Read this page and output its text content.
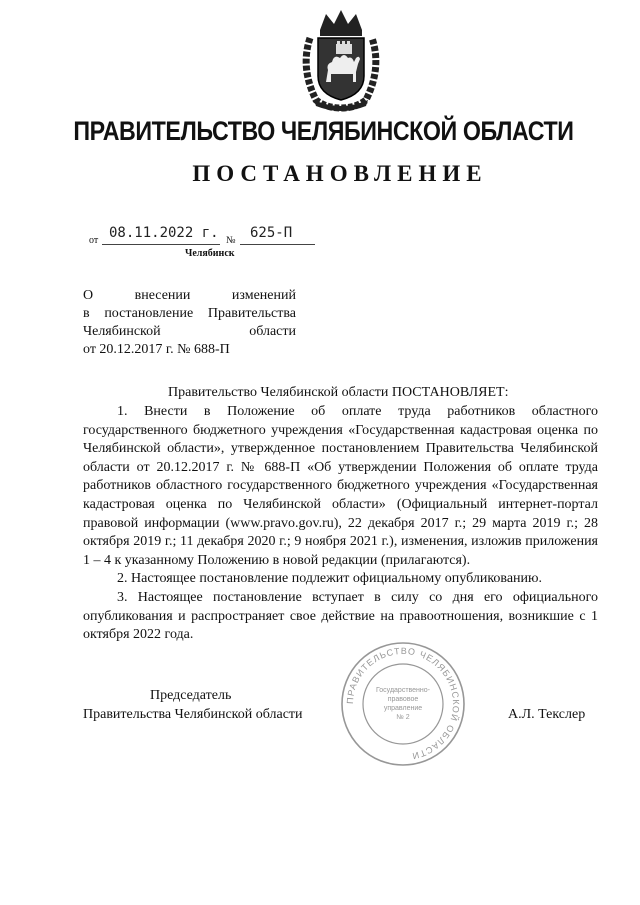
ПРАВИТЕЛЬСТВО ЧЕЛЯБИНСКОЙ ОБЛАСТИ
ПОСТАНОВЛЕНИЕ
от 08.11.2022 г. № 625-П
Челябинск
О внесении изменений
в постановление Правительства
Челябинской области
от 20.12.2017 г. № 688-П
Правительство Челябинской области ПОСТАНОВЛЯЕТ:

1. Внести в Положение об оплате труда работников областного государственного бюджетного учреждения «Государственная кадастровая оценка по Челябинской области», утвержденное постановлением Правительства Челябинской области от 20.12.2017 г. № 688-П «Об утверждении Положения об оплате труда работников областного государственного бюджетного учреждения «Государственная кадастровая оценка по Челябинской области» (Официальный интернет-портал правовой информации (www.pravo.gov.ru), 22 декабря 2017 г.; 29 марта 2019 г.; 28 октября 2019 г.; 11 декабря 2020 г.; 9 ноября 2021 г.), изменения, изложив приложения 1 – 4 к указанному Положению в новой редакции (прилагаются).

2. Настоящее постановление подлежит официальному опубликованию.

3. Настоящее постановление вступает в силу со дня его официального опубликования и распространяет свое действие на правоотношения, возникшие с 1 октября 2022 года.

ПРАВИТЕЛЬСТВО ЧЕЛЯБИНСКОЙ ОБЛАСТИ
Государственно-
правовое
управление
№ 2
Председатель
Правительства Челябинской области	А.Л. Текслер
